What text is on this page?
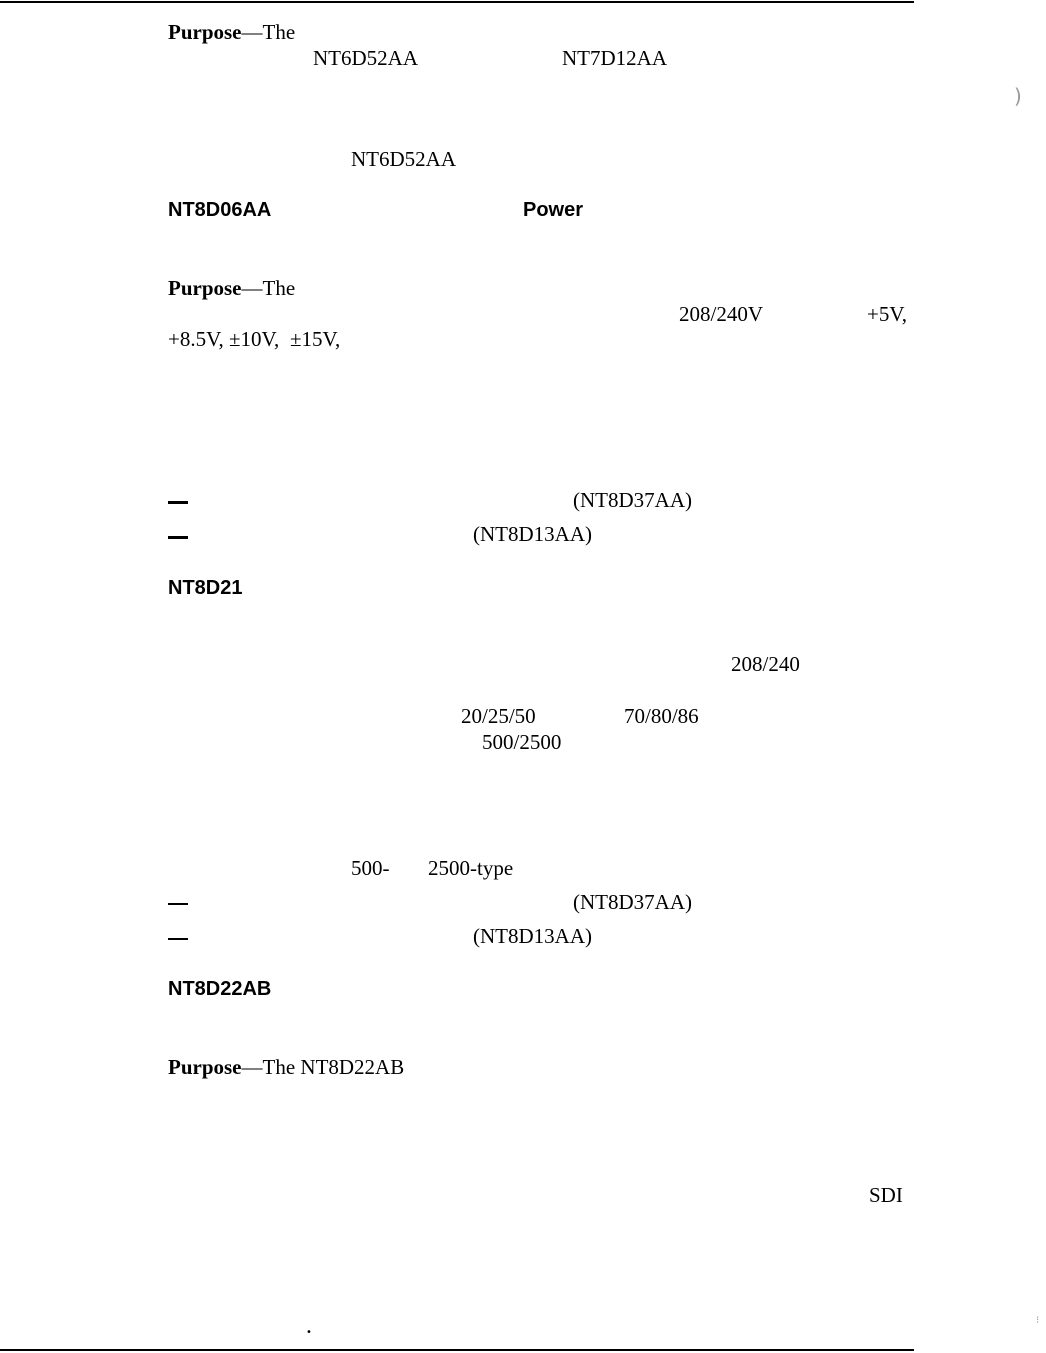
Purpose—The
NT6D52AA	NT7D12AA
NT6D52AA
NT8D06AA	Power
Purpose—The
208/240V	+5V,
+8.5V, ±10V, ±15V,
(NT8D37AA)
(NT8D13AA)
NT8D21
208/240
20/25/50	70/80/86
500/2500
500- 2500-type
(NT8D37AA)
(NT8D13AA)
NT8D22AB
Purpose—The NT8D22AB
SDI
)
•
⁝
